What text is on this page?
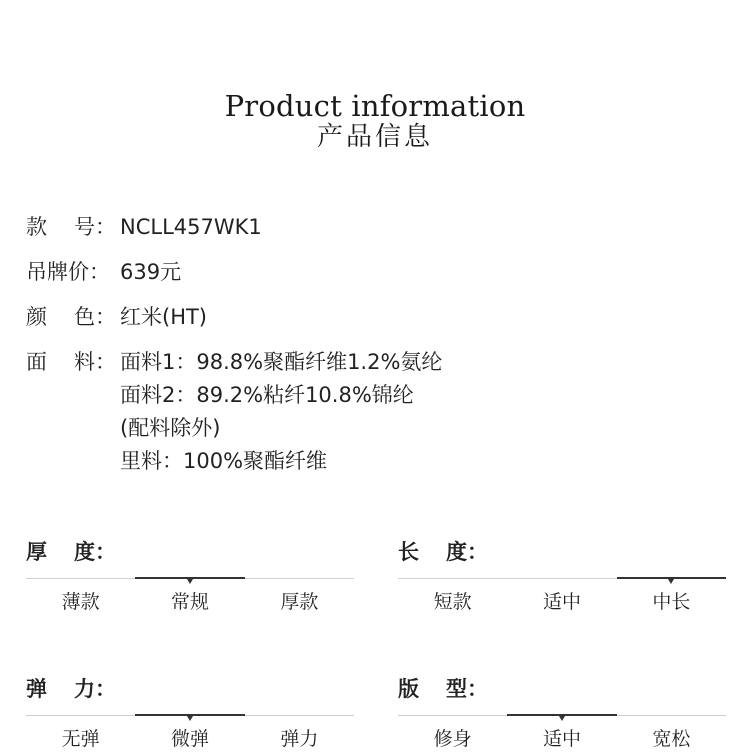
Product information
产品信息
款	号： NCLL457WK1
吊牌价： 639元
颜	色： 红米(HT)
面	料： 面料1：98.8%聚酯纤维1.2%氨纶
面料2：89.2%粘纤10.8%锦纶
(配料除外)
里料：100%聚酯纤维
厚	度：
薄款	常规	厚款
长	度：
短款	适中	中长
弹	力：
无弹	微弹	弹力
版	型：
修身	适中	宽松
